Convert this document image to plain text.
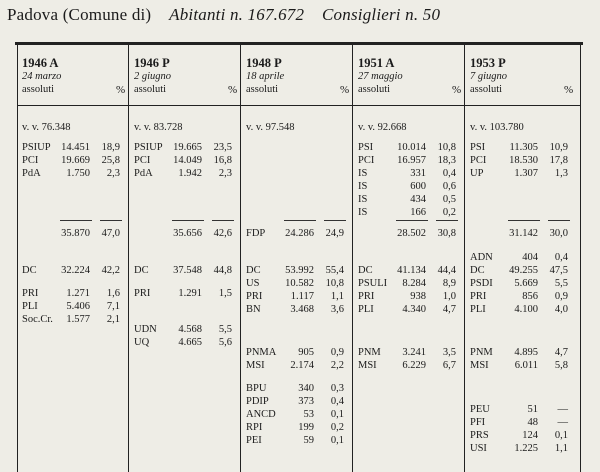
Padova (Comune di) Abitanti n. 167.672 Consiglieri n. 50
1946 A
24 marzo
assoluti	%
v. v. 76.348
PSIUP	14.451	18,9
PCI	19.669	25,8
PdA	1.750	2,3
35.870	47,0
DC	32.224	42,2
PRI	1.271	1,6
PLI	5.406	7,1
Soc.Cr.	1.577	2,1
1946 P
2 giugno
assoluti	%
v. v. 83.728
PSIUP	19.665	23,5
PCI	14.049	16,8
PdA	1.942	2,3
35.656	42,6
DC	37.548	44,8
PRI	1.291	1,5
UDN	4.568	5,5
UQ	4.665	5,6
1948 P
18 aprile
assoluti	%
v. v. 97.548
FDP	24.286	24,9
DC	53.992	55,4
US	10.582	10,8
PRI	1.117	1,1
BN	3.468	3,6
PNMA	905	0,9
MSI	2.174	2,2
BPU	340	0,3
PDIP	373	0,4
ANCD	53	0,1
RPI	199	0,2
PEI	59	0,1
1951 A
27 maggio
assoluti	%
v. v. 92.668
PSI	10.014	10,8
PCI	16.957	18,3
IS	331	0,4
IS	600	0,6
IS	434	0,5
IS	166	0,2
28.502	30,8
DC	41.134	44,4
PSULI	8.284	8,9
PRI	938	1,0
PLI	4.340	4,7
PNM	3.241	3,5
MSI	6.229	6,7
1953 P
7 giugno
assoluti	%
v. v. 103.780
PSI	11.305	10,9
PCI	18.530	17,8
UP	1.307	1,3
31.142	30,0
ADN	404	0,4
DC	49.255	47,5
PSDI	5.669	5,5
PRI	856	0,9
PLI	4.100	4,0
PNM	4.895	4,7
MSI	6.011	5,8
PEU	51	—
PFI	48	—
PRS	124	0,1
USI	1.225	1,1
